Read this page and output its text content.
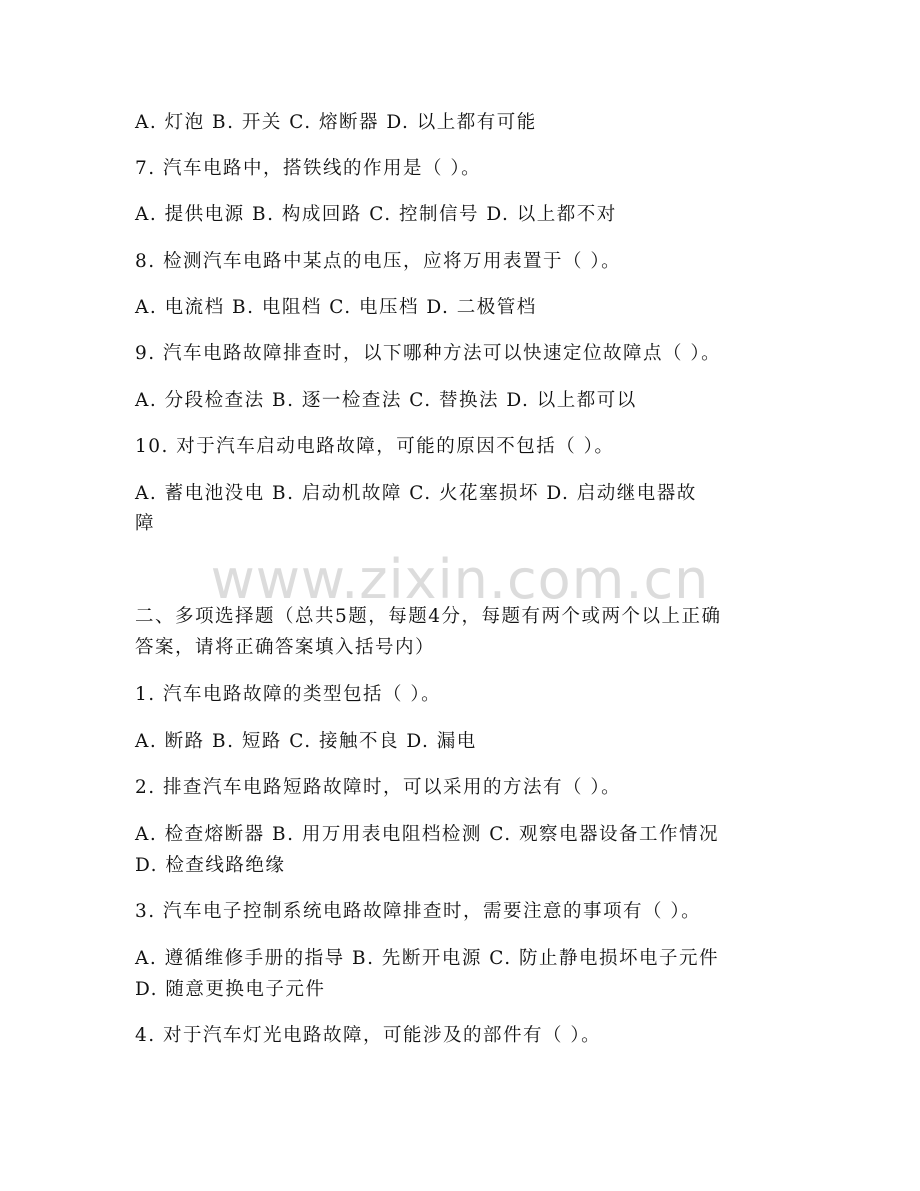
A. 灯泡 B. 开关 C. 熔断器 D. 以上都有可能
7. 汽车电路中，搭铁线的作用是（ ）。
A. 提供电源 B. 构成回路 C. 控制信号 D. 以上都不对
8. 检测汽车电路中某点的电压，应将万用表置于（ ）。
A. 电流档 B. 电阻档 C. 电压档 D. 二极管档
9. 汽车电路故障排查时，以下哪种方法可以快速定位故障点（ ）。
A. 分段检查法 B. 逐一检查法 C. 替换法 D. 以上都可以
10. 对于汽车启动电路故障，可能的原因不包括（ ）。
A. 蓄电池没电 B. 启动机故障 C. 火花塞损坏 D. 启动继电器故
障
www.zixin.com.cn
二、多项选择题（总共5题，每题4分，每题有两个或两个以上正确
答案，请将正确答案填入括号内）
1. 汽车电路故障的类型包括（ ）。
A. 断路 B. 短路 C. 接触不良 D. 漏电
2. 排查汽车电路短路故障时，可以采用的方法有（ ）。
A. 检查熔断器 B. 用万用表电阻档检测 C. 观察电器设备工作情况
D. 检查线路绝缘
3. 汽车电子控制系统电路故障排查时，需要注意的事项有（ ）。
A. 遵循维修手册的指导 B. 先断开电源 C. 防止静电损坏电子元件
D. 随意更换电子元件
4. 对于汽车灯光电路故障，可能涉及的部件有（ ）。
